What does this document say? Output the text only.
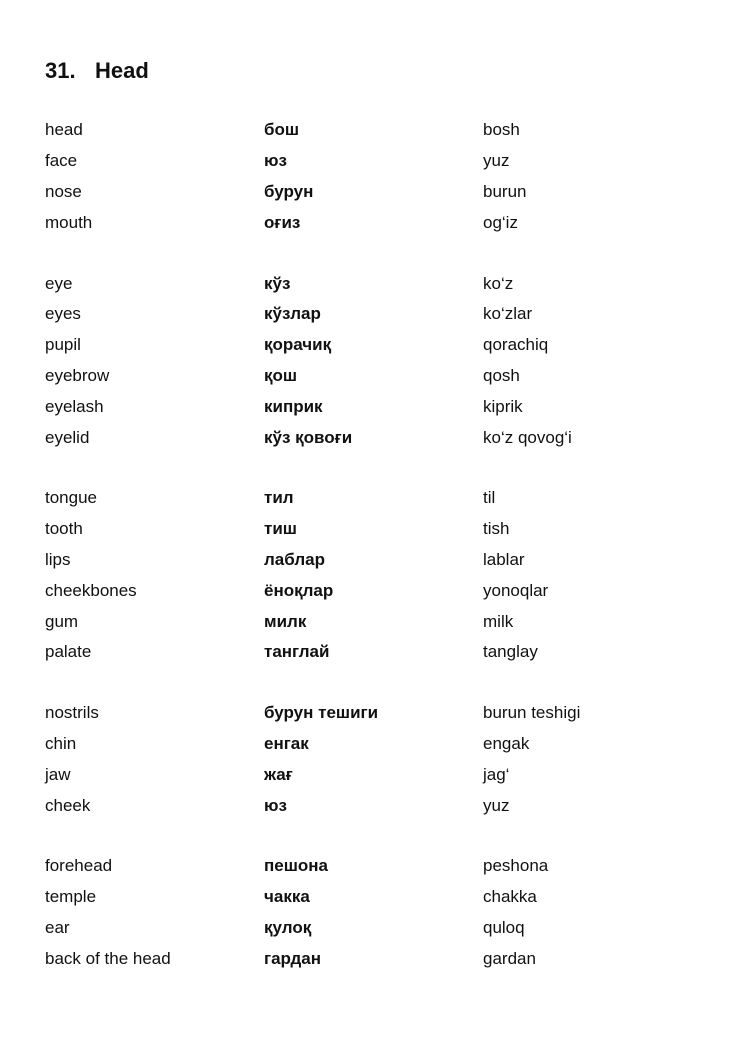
31. Head
head	бош	bosh
face	юз	yuz
nose	бурун	burun
mouth	оғиз	og‘iz
eye	кўз	ko‘z
eyes	кўзлар	ko‘zlar
pupil	қорачиқ	qorachiq
eyebrow	қош	qosh
eyelash	киприк	kiprik
eyelid	кўз қовоғи	ko‘z qovog‘i
tongue	тил	til
tooth	тиш	tish
lips	лаблар	lablar
cheekbones	ёноқлар	yonoqlar
gum	милк	milk
palate	танглай	tanglay
nostrils	бурун тешиги	burun teshigi
chin	енгак	engak
jaw	жағ	jag‘
cheek	юз	yuz
forehead	пешона	peshona
temple	чакка	chakka
ear	қулоқ	quloq
back of the head	гардан	gardan
